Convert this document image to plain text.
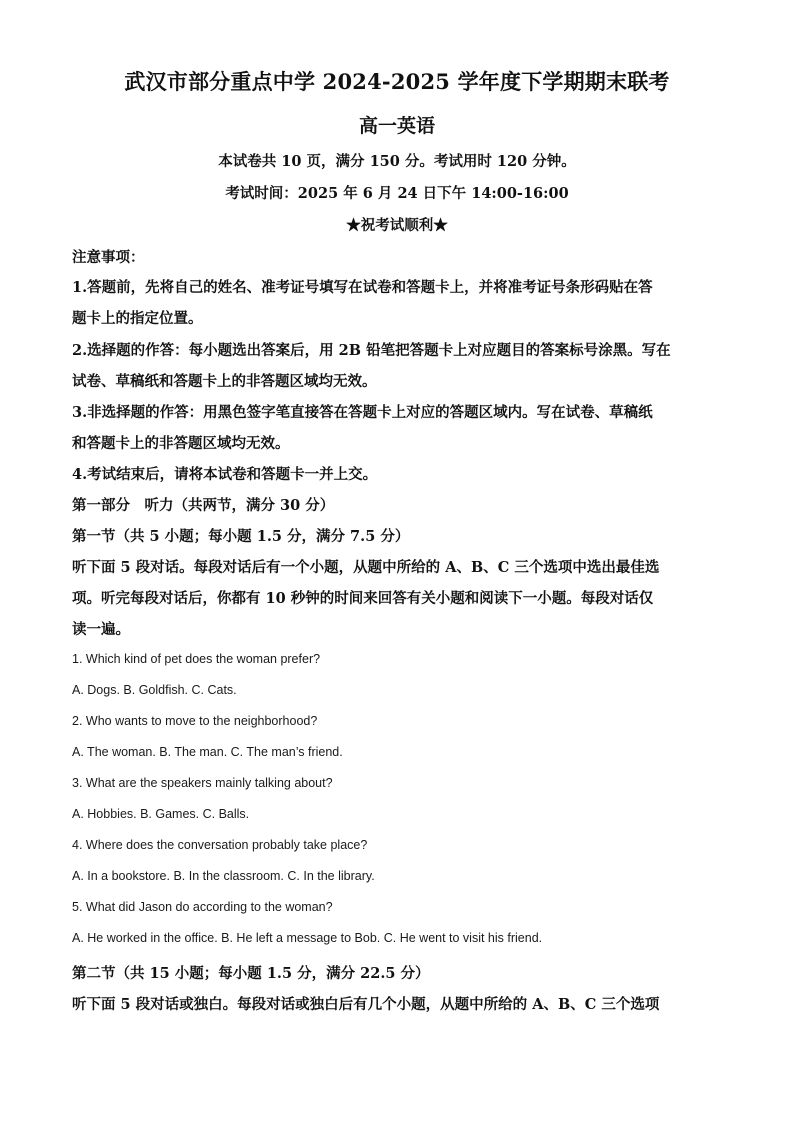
武汉市部分重点中学 2024-2025 学年度下学期期末联考
高一英语
本试卷共 10 页，满分 150 分。考试用时 120 分钟。
考试时间：2025 年 6 月 24 日下午 14:00-16:00
★祝考试顺利★
注意事项：
1.答题前，先将自己的姓名、准考证号填写在试卷和答题卡上，并将准考证号条形码贴在答
题卡上的指定位置。
2.选择题的作答：每小题选出答案后，用 2B 铅笔把答题卡上对应题目的答案标号涂黑。写在
试卷、草稿纸和答题卡上的非答题区域均无效。
3.非选择题的作答：用黑色签字笔直接答在答题卡上对应的答题区域内。写在试卷、草稿纸
和答题卡上的非答题区域均无效。
4.考试结束后，请将本试卷和答题卡一并上交。
第一部分　听力（共两节，满分 30 分）
第一节（共 5 小题；每小题 1.5 分，满分 7.5 分）
听下面 5 段对话。每段对话后有一个小题，从题中所给的 A、B、C 三个选项中选出最佳选
项。听完每段对话后，你都有 10 秒钟的时间来回答有关小题和阅读下一小题。每段对话仅
读一遍。
1. Which kind of pet does the woman prefer?
A. Dogs. B. Goldfish. C. Cats.
2. Who wants to move to the neighborhood?
A. The woman. B. The man. C. The man’s friend.
3. What are the speakers mainly talking about?
A. Hobbies. B. Games. C. Balls.
4. Where does the conversation probably take place?
A. In a bookstore. B. In the classroom. C. In the library.
5. What did Jason do according to the woman?
A. He worked in the office. B. He left a message to Bob. C. He went to visit his friend.
第二节（共 15 小题；每小题 1.5 分，满分 22.5 分）
听下面 5 段对话或独白。每段对话或独白后有几个小题，从题中所给的 A、B、C 三个选项
